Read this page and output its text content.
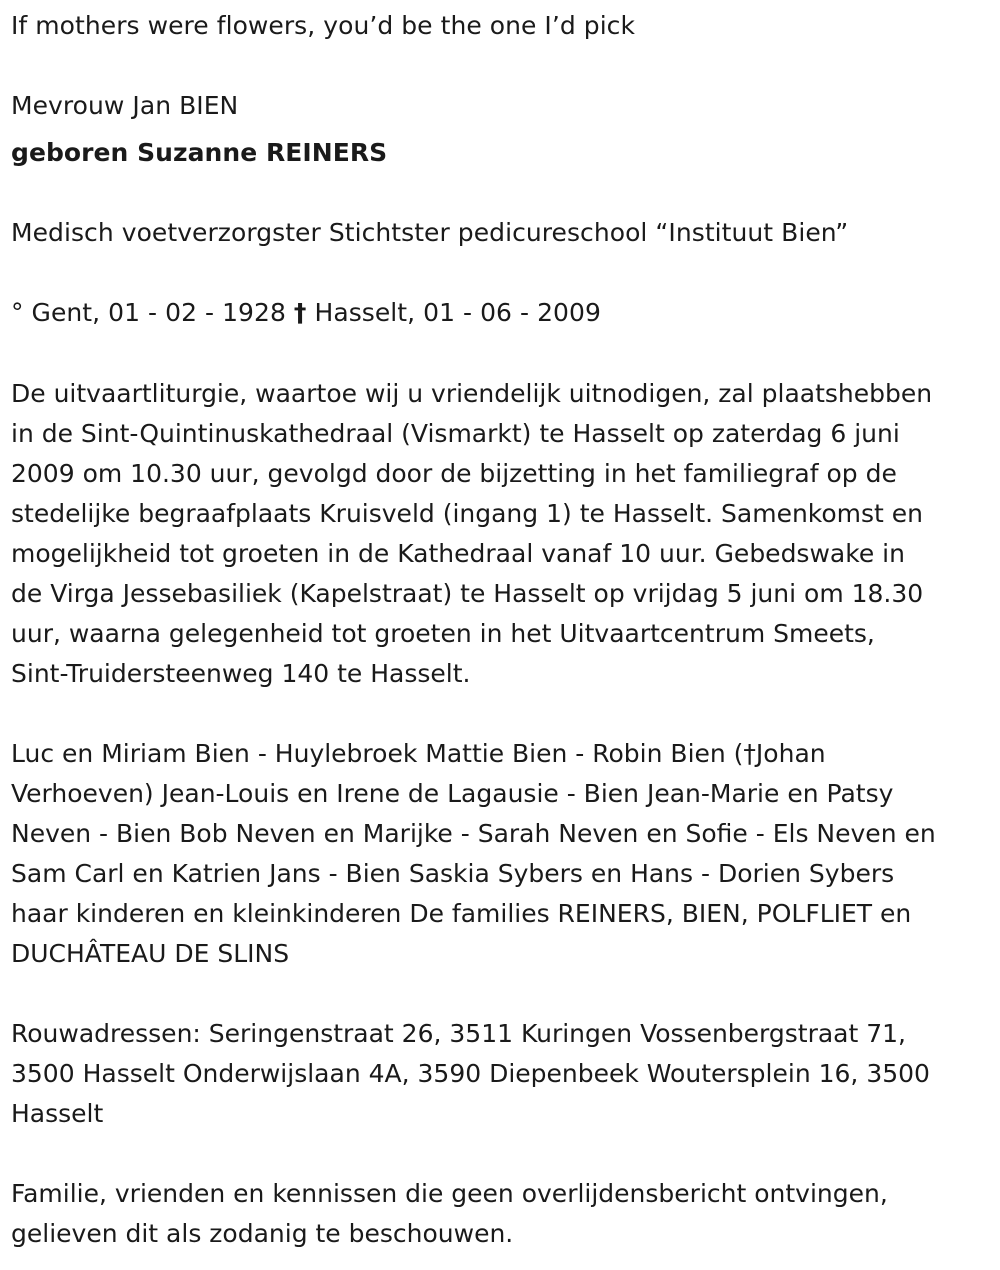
If mothers were flowers, you’d be the one I’d pick
Mevrouw Jan BIEN
geboren Suzanne REINERS
Medisch voetverzorgster Stichtster pedicureschool “Instituut Bien”
° Gent, 01 - 02 - 1928 † Hasselt, 01 - 06 - 2009
De uitvaartliturgie, waartoe wij u vriendelijk uitnodigen, zal plaatshebben
in de Sint-Quintinuskathedraal (Vismarkt) te Hasselt op zaterdag 6 juni
2009 om 10.30 uur, gevolgd door de bijzetting in het familiegraf op de
stedelijke begraafplaats Kruisveld (ingang 1) te Hasselt. Samenkomst en
mogelijkheid tot groeten in de Kathedraal vanaf 10 uur. Gebedswake in
de Virga Jessebasiliek (Kapelstraat) te Hasselt op vrijdag 5 juni om 18.30
uur, waarna gelegenheid tot groeten in het Uitvaartcentrum Smeets,
Sint-Truidersteenweg 140 te Hasselt.
Luc en Miriam Bien - Huylebroek Mattie Bien - Robin Bien (†Johan
Verhoeven) Jean-Louis en Irene de Lagausie - Bien Jean-Marie en Patsy
Neven - Bien Bob Neven en Marijke - Sarah Neven en Sofie - Els Neven en
Sam Carl en Katrien Jans - Bien Saskia Sybers en Hans - Dorien Sybers
haar kinderen en kleinkinderen De families REINERS, BIEN, POLFLIET en
DUCHÂTEAU DE SLINS
Rouwadressen: Seringenstraat 26, 3511 Kuringen Vossenbergstraat 71,
3500 Hasselt Onderwijslaan 4A, 3590 Diepenbeek Woutersplein 16, 3500
Hasselt
Familie, vrienden en kennissen die geen overlijdensbericht ontvingen,
gelieven dit als zodanig te beschouwen.
